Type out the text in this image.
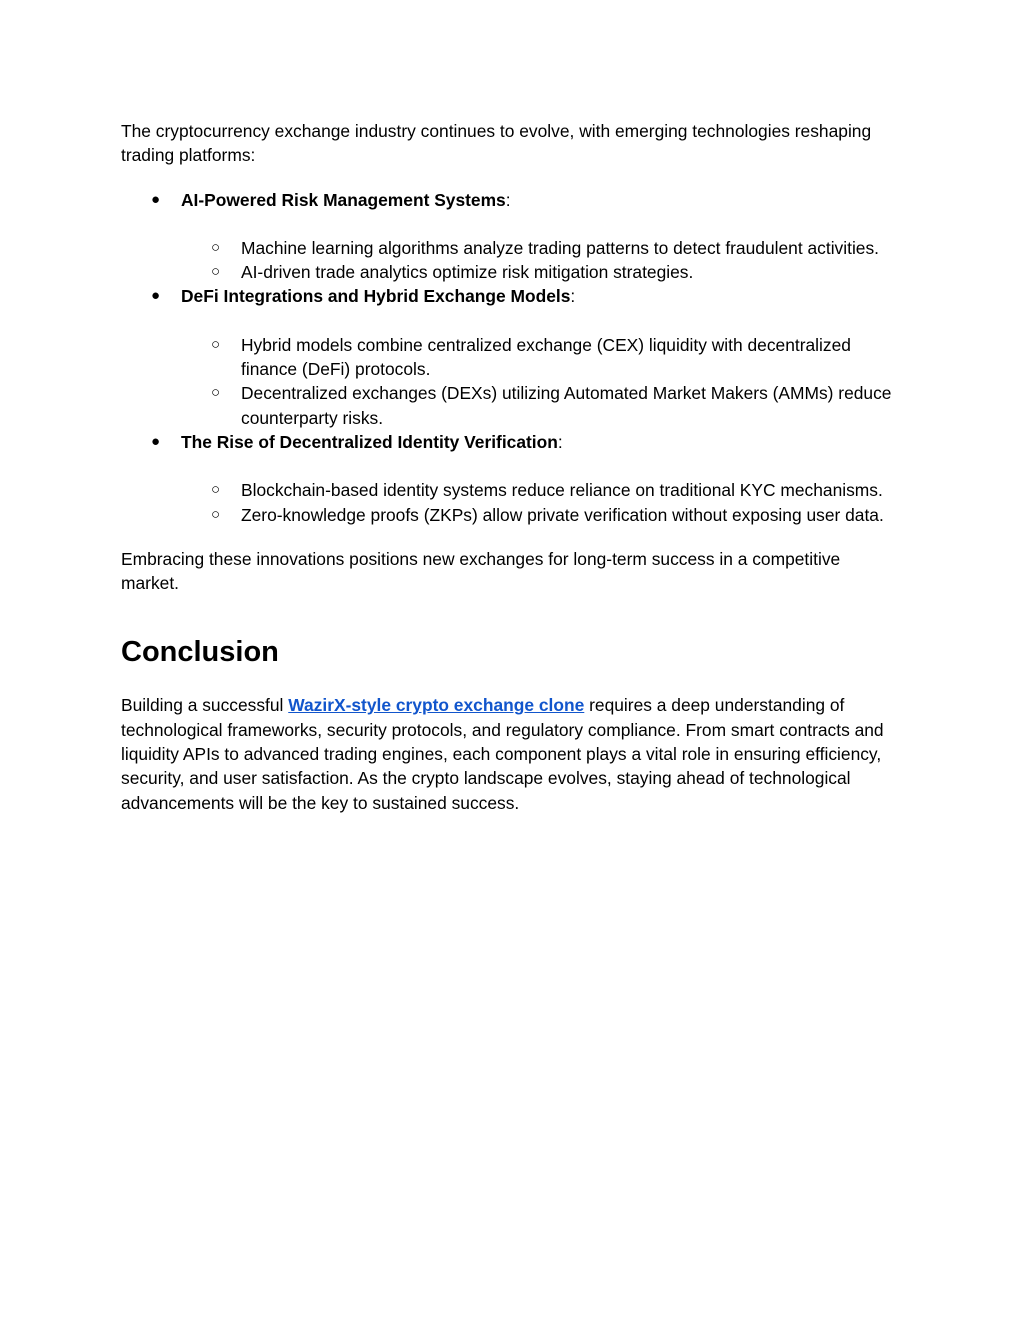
The cryptocurrency exchange industry continues to evolve, with emerging technologies reshaping trading platforms:

●	AI-Powered Risk Management Systems:
○	Machine learning algorithms analyze trading patterns to detect fraudulent activities.
○	AI-driven trade analytics optimize risk mitigation strategies.
●	DeFi Integrations and Hybrid Exchange Models:
○	Hybrid models combine centralized exchange (CEX) liquidity with decentralized finance (DeFi) protocols.
○	Decentralized exchanges (DEXs) utilizing Automated Market Makers (AMMs) reduce counterparty risks.
●	The Rise of Decentralized Identity Verification:
○	Blockchain-based identity systems reduce reliance on traditional KYC mechanisms.
○	Zero-knowledge proofs (ZKPs) allow private verification without exposing user data.

Embracing these innovations positions new exchanges for long-term success in a competitive market.

Conclusion

Building a successful WazirX-style crypto exchange clone requires a deep understanding of technological frameworks, security protocols, and regulatory compliance. From smart contracts and liquidity APIs to advanced trading engines, each component plays a vital role in ensuring efficiency, security, and user satisfaction. As the crypto landscape evolves, staying ahead of technological advancements will be the key to sustained success.
